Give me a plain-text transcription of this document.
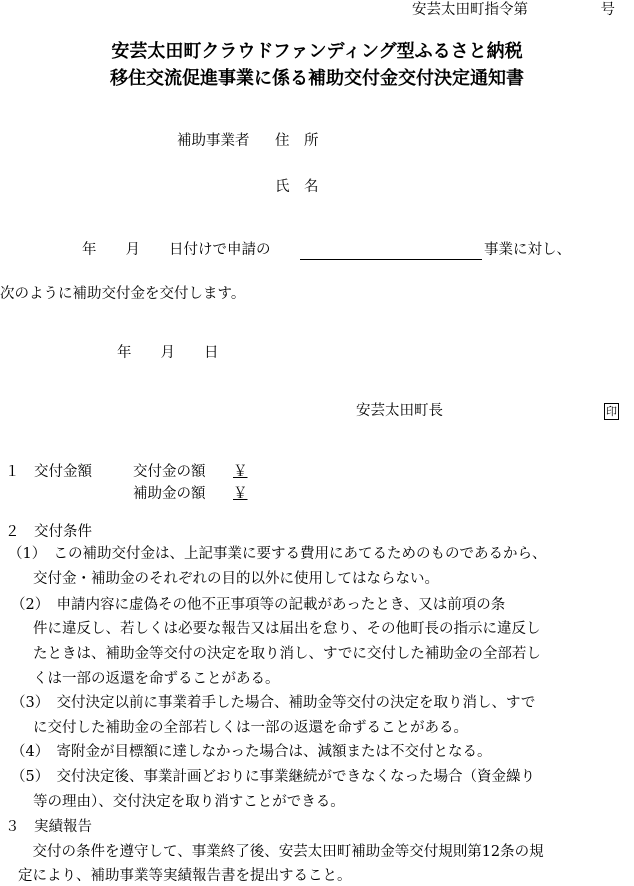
安芸太田町指令第　　　　　号
安芸太田町クラウドファンディング型ふるさと納税
移住交流促進事業に係る補助交付金交付決定通知書
補助事業者 住　所
氏　名
　　年　　月　　日付けで申請の	事業に対し、
次のように補助交付金を交付します。
年　　月　　日
安芸太田町長	印
１　交付金額	交付金の額 ￥
補助金の額 ￥
２　交付条件
（1）　この補助交付金は、上記事業に要する費用にあてるためのものであるから、
交付金・補助金のそれぞれの目的以外に使用してはならない。
（2）　申請内容に虚偽その他不正事項等の記載があったとき、又は前項の条
件に違反し、若しくは必要な報告又は届出を怠り、その他町長の指示に違反し
たときは、補助金等交付の決定を取り消し、すでに交付した補助金の全部若し
くは一部の返還を命ずることがある。
（3）　交付決定以前に事業着手した場合、補助金等交付の決定を取り消し、すで
に交付した補助金の全部若しくは一部の返還を命ずることがある。
（4）　寄附金が目標額に達しなかった場合は、減額または不交付となる。
（5）　交付決定後、事業計画どおりに事業継続ができなくなった場合（資金繰り
等の理由）、交付決定を取り消すことができる。
３　実績報告
　交付の条件を遵守して、事業終了後、安芸太田町補助金等交付規則第12条の規
定により、補助事業等実績報告書を提出すること。
